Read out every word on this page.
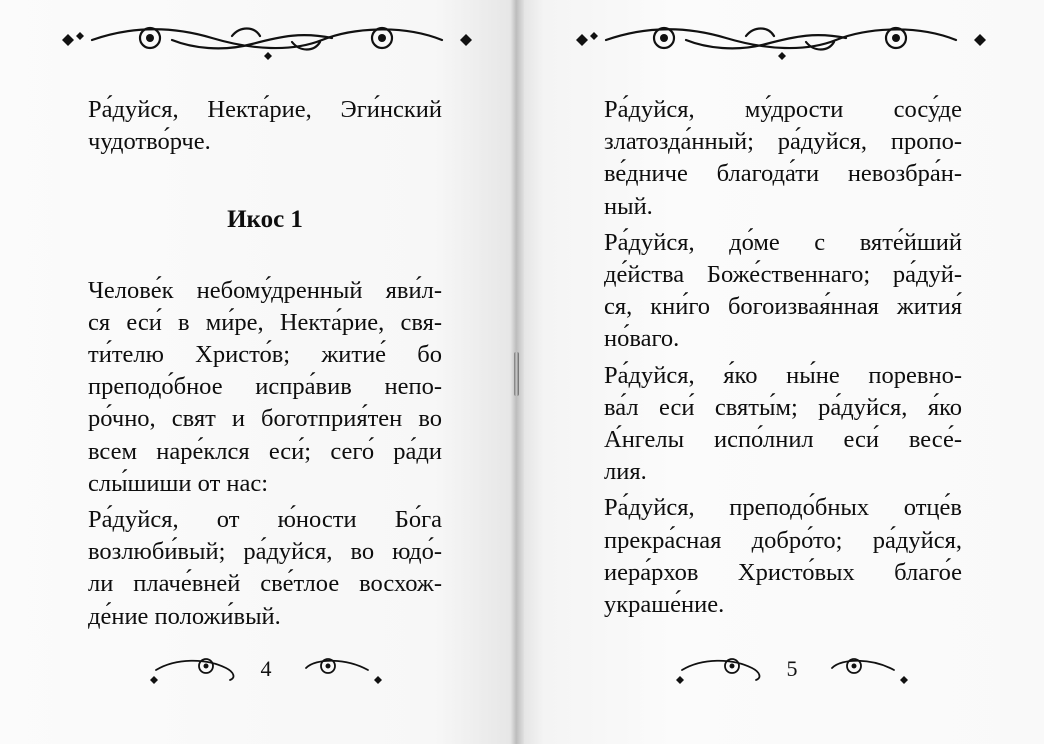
Ра́дуйся, Некта́рие, Эги́нский

чудотво́рче.

Икос 1

Челове́к небому́дренный яви́л-

ся еси́ в ми́ре, Некта́рие, свя-

ти́телю Христо́в; житие́ бо

преподо́бное испра́вив непо-

ро́чно, свят и боготприя́тен во

всем наре́клся еси́; сего́ ра́ди

слы́шиши от нас:

Ра́дуйся, от ю́ности Бо́га

возлюби́вый; ра́дуйся, во юдо́-

ли плаче́вней све́тлое восхож-

де́ние положи́вый.

4

Ра́дуйся, му́дрости сосу́де

златозда́нный; ра́дуйся, пропо-

ве́дниче благода́ти невозбра́н-

ный.

Ра́дуйся, до́ме с вяте́йший

де́йства Боже́ственнаго; ра́дуй-

ся, кни́го богоизвая́нная жития́

но́ваго.

Ра́дуйся, я́ко ны́не поревно-

ва́л еси́ святы́м; ра́дуйся, я́ко

А́нгелы испо́лнил еси́ весе́-

лия.

Ра́дуйся, преподо́бных отце́в

прекра́сная добро́то; ра́дуйся,

иера́рхов Христо́вых благо́е

украше́ние.

5
